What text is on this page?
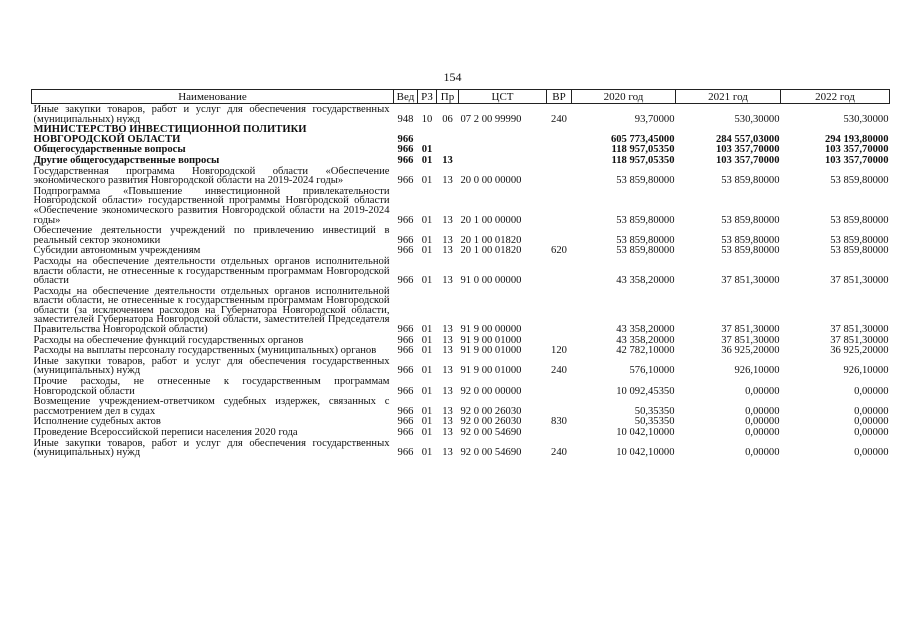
154
Наименование	Вед	РЗ	Пр	ЦСТ	ВР	2020 год	2021 год	2022 год
Иные закупки товаров, работ и услуг для обеспечения государственных (муниципальных) нужд	948	10	06	07 2 00 99990	240	93,70000	530,30000	530,30000
МИНИСТЕРСТВО ИНВЕСТИЦИОННОЙ ПОЛИТИКИ НОВГОРОДСКОЙ ОБЛАСТИ	966					605 773,45000	284 557,03000	294 193,80000
Общегосударственные вопросы	966	01				118 957,05350	103 357,70000	103 357,70000
Другие общегосударственные вопросы	966	01	13			118 957,05350	103 357,70000	103 357,70000
Государственная программа Новгородской области «Обеспечение экономического развития Новгородской области на 2019-2024 годы»	966	01	13	20 0 00 00000		53 859,80000	53 859,80000	53 859,80000
Подпрограмма «Повышение инвестиционной привлекательности Новгородской области» государственной программы Новгородской области «Обеспечение экономического развития Новгородской области на 2019-2024 годы»	966	01	13	20 1 00 00000		53 859,80000	53 859,80000	53 859,80000
Обеспечение деятельности учреждений по привлечению инвестиций в реальный сектор экономики	966	01	13	20 1 00 01820		53 859,80000	53 859,80000	53 859,80000
Субсидии автономным учреждениям	966	01	13	20 1 00 01820	620	53 859,80000	53 859,80000	53 859,80000
Расходы на обеспечение деятельности отдельных органов исполнительной власти области, не отнесенные к государственным программам Новгородской области	966	01	13	91 0 00 00000		43 358,20000	37 851,30000	37 851,30000
Расходы на обеспечение деятельности отдельных органов исполнительной власти области, не отнесенные к государственным программам Новгородской области (за исключением расходов на Губернатора Новгородской области, заместителей Губернатора Новгородской области, заместителей Председателя Правительства Новгородской области)	966	01	13	91 9 00 00000		43 358,20000	37 851,30000	37 851,30000
Расходы на обеспечение функций государственных органов	966	01	13	91 9 00 01000		43 358,20000	37 851,30000	37 851,30000
Расходы на выплаты персоналу государственных (муниципальных) органов	966	01	13	91 9 00 01000	120	42 782,10000	36 925,20000	36 925,20000
Иные закупки товаров, работ и услуг для обеспечения государственных (муниципальных) нужд	966	01	13	91 9 00 01000	240	576,10000	926,10000	926,10000
Прочие расходы, не отнесенные к государственным программам Новгородской области	966	01	13	92 0 00 00000		10 092,45350	0,00000	0,00000
Возмещение учреждением-ответчиком судебных издержек, связанных с рассмотрением дел в судах	966	01	13	92 0 00 26030		50,35350	0,00000	0,00000
Исполнение судебных актов	966	01	13	92 0 00 26030	830	50,35350	0,00000	0,00000
Проведение Всероссийской переписи населения 2020 года	966	01	13	92 0 00 54690		10 042,10000	0,00000	0,00000
Иные закупки товаров, работ и услуг для обеспечения государственных (муниципальных) нужд	966	01	13	92 0 00 54690	240	10 042,10000	0,00000	0,00000
